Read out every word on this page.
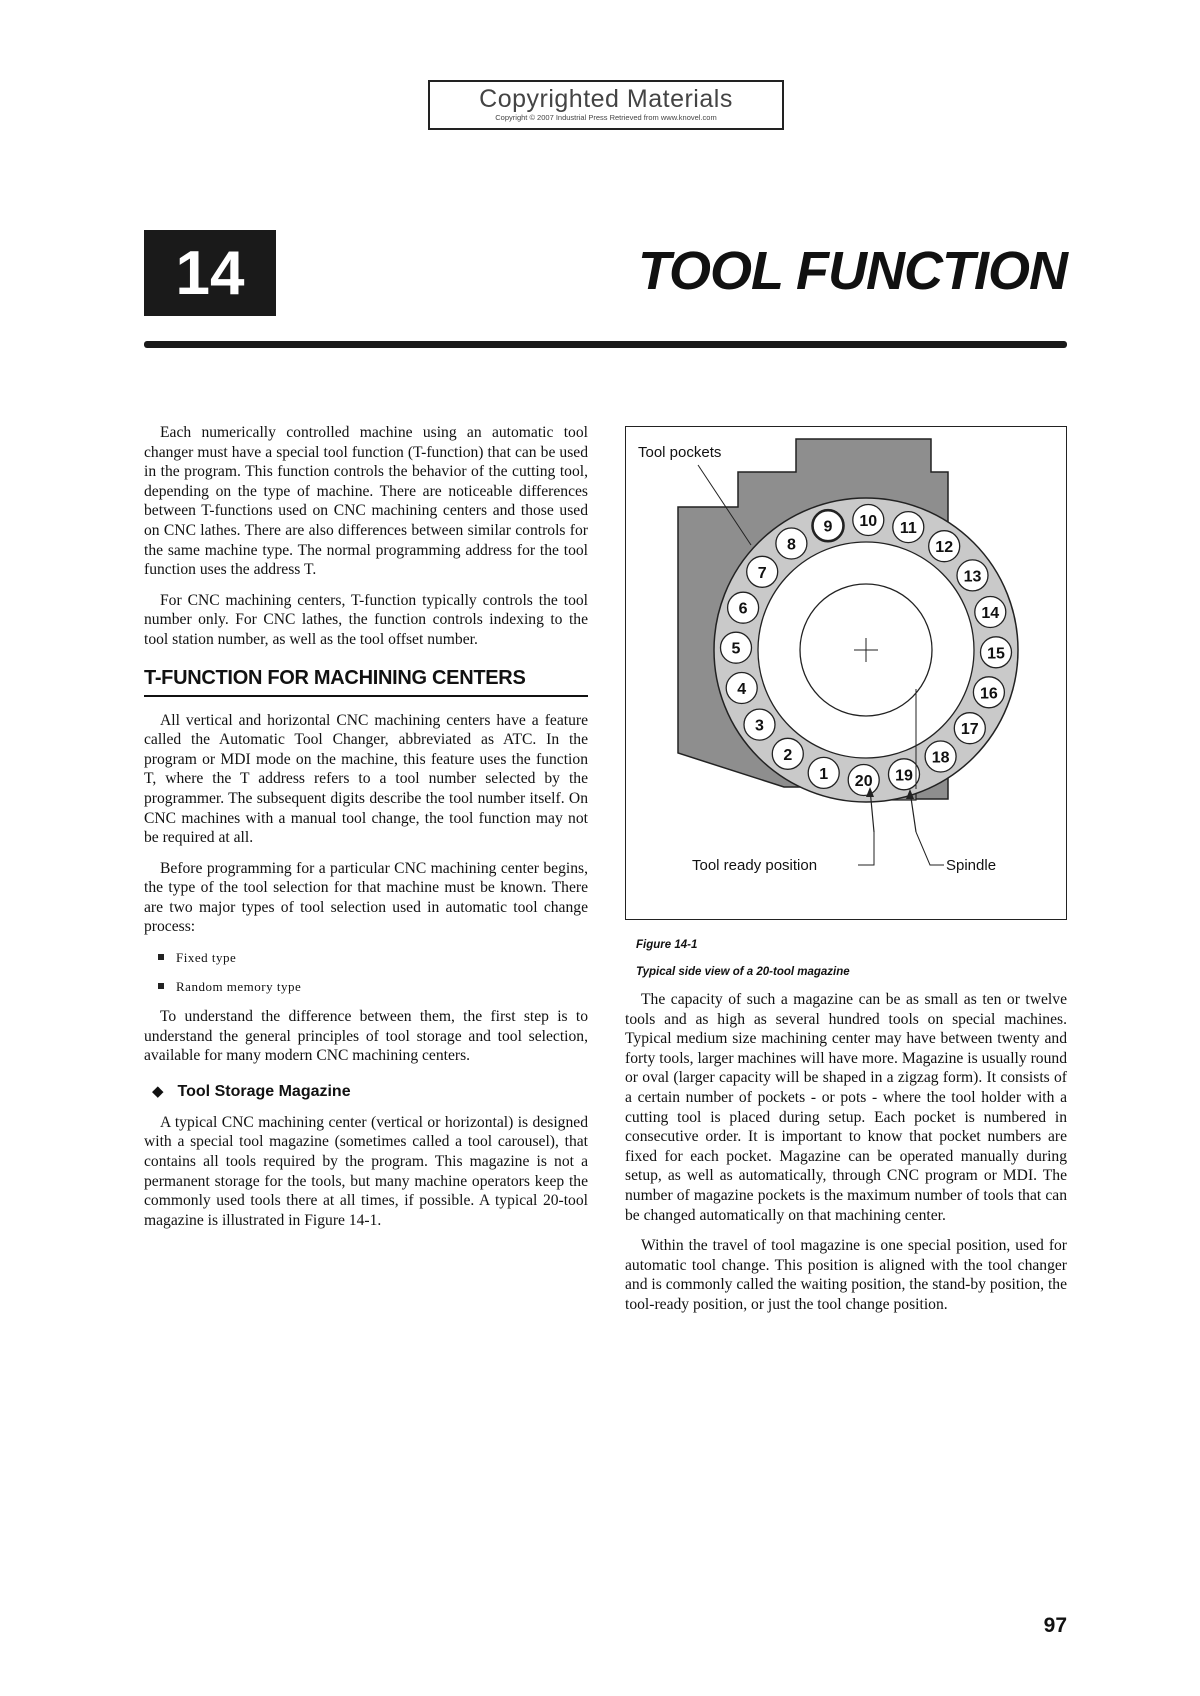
Copyrighted Materials
Copyright © 2007 Industrial Press Retrieved from www.knovel.com
14	TOOL FUNCTION

Each numerically controlled machine using an automatic tool changer must have a special tool function (T-function) that can be used in the program. This function controls the behavior of the cutting tool, depending on the type of machine. There are noticeable differences between T-functions used on CNC machining centers and those used on CNC lathes. There are also differences between similar controls for the same machine type. The normal programming address for the tool function uses the address T.

For CNC machining centers, T-function typically controls the tool number only. For CNC lathes, the function controls indexing to the tool station number, as well as the tool offset number.

T-FUNCTION FOR MACHINING CENTERS

All vertical and horizontal CNC machining centers have a feature called the Automatic Tool Changer, abbreviated as ATC. In the program or MDI mode on the machine, this feature uses the function T, where the T address refers to a tool number selected by the programmer. The subsequent digits describe the tool number itself. On CNC machines with a manual tool change, the tool function may not be required at all.

Before programming for a particular CNC machining center begins, the type of the tool selection for that machine must be known. There are two major types of tool selection used in automatic tool change process:

Fixed type
Random memory type

To understand the difference between them, the first step is to understand the general principles of tool storage and tool selection, available for many modern CNC machining centers.

◆ Tool Storage Magazine

A typical CNC machining center (vertical or horizontal) is designed with a special tool magazine (sometimes called a tool carousel), that contains all tools required by the program. This magazine is not a permanent storage for the tools, but many machine operators keep the commonly used tools there at all times, if possible. A typical 20-tool magazine is illustrated in Figure 14-1.

1
2
3
4
5
6
7
8
9 10 11
12
13
14
15
16
17
18
19
20
Tool pockets
Tool ready position	Spindle
Figure 14-1
Typical side view of a 20-tool magazine

The capacity of such a magazine can be as small as ten or twelve tools and as high as several hundred tools on special machines. Typical medium size machining center may have between twenty and forty tools, larger machines will have more. Magazine is usually round or oval (larger capacity will be shaped in a zigzag form). It consists of a certain number of pockets - or pots - where the tool holder with a cutting tool is placed during setup. Each pocket is numbered in consecutive order. It is important to know that pocket numbers are fixed for each pocket. Magazine can be operated manually during setup, as well as automatically, through CNC program or MDI. The number of magazine pockets is the maximum number of tools that can be changed automatically on that machining center.

Within the travel of tool magazine is one special position, used for automatic tool change. This position is aligned with the tool changer and is commonly called the waiting position, the stand-by position, the tool-ready position, or just the tool change position.

97
